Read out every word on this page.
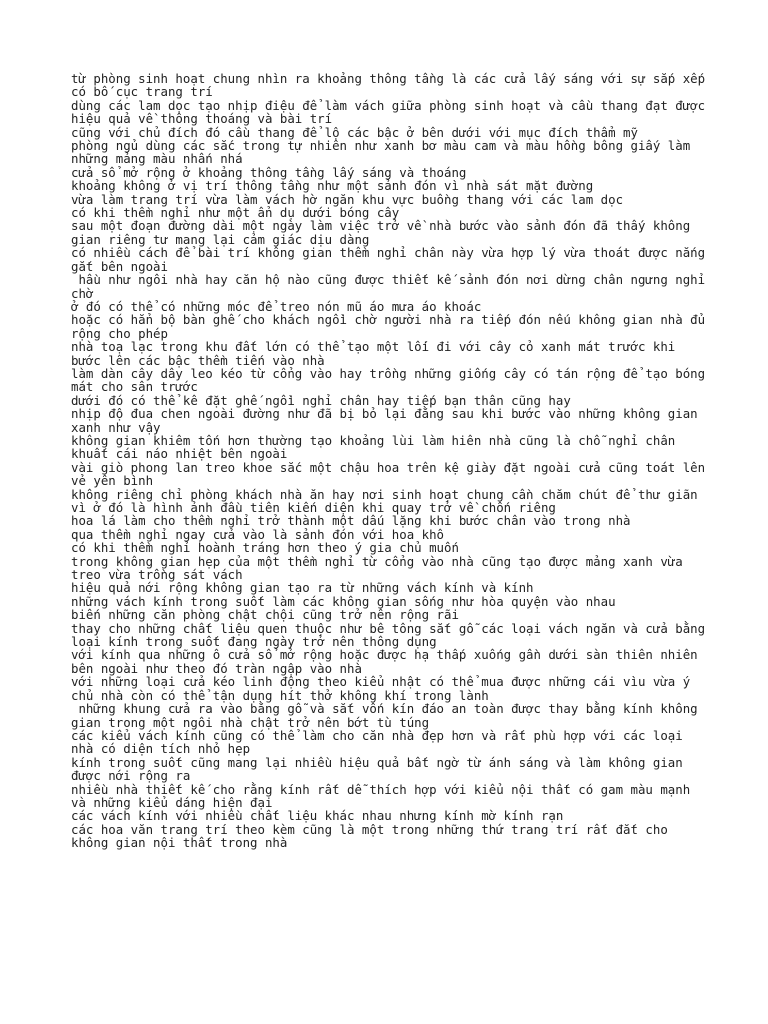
từ phòng sinh hoạt chung nhìn ra khoảng thông tầng là các cửa lấy sáng với sự sắp xếp có bố cục trang trí
dùng các lam dọc tạo nhịp điệu để làm vách giữa phòng sinh hoạt và cầu thang đạt được hiệu quả về thông thoáng và bài trí
cũng với chủ đích đó cầu thang để lộ các bậc ở bên dưới với mục đích thẩm mỹ
phòng ngủ dùng các sắc trong tự nhiên như xanh bơ màu cam và màu hồng bông giấy làm những mảng màu nhấn nhá
cửa sổ mở rộng ở khoảng thông tầng lấy sáng và thoáng
khoảng không ở vị trí thông tầng như một sảnh đón vì nhà sát mặt đường
vừa làm trang trí vừa làm vách hờ ngăn khu vực buồng thang với các lam dọc
có khi thềm nghỉ như một ẩn dụ dưới bóng cây
sau một đoạn đường dài một ngày làm việc trở về nhà bước vào sảnh đón đã thấy không gian riêng tư mang lại cảm giác dịu dàng
có nhiều cách để bài trí không gian thềm nghỉ chân này vừa hợp lý vừa thoát được nắng gắt bên ngoài
hầu như ngôi nhà hay căn hộ nào cũng được thiết kế sảnh đón nơi dừng chân ngưng nghỉ chờ
ở đó có thể có những móc để treo nón mũ áo mưa áo khoác
hoặc có hẳn bộ bàn ghế cho khách ngồi chờ người nhà ra tiếp đón nếu không gian nhà đủ rộng cho phép
nhà toạ lạc trong khu đất lớn có thể tạo một lối đi với cây cỏ xanh mát trước khi bước lên các bậc thềm tiến vào nhà
làm dàn cây dây leo kéo từ cổng vào hay trồng những giống cây có tán rộng để tạo bóng mát cho sân trước
dưới đó có thể kê đặt ghế ngồi nghỉ chân hay tiếp bạn thân cũng hay
nhịp độ đua chen ngoài đường như đã bị bỏ lại đằng sau khi bước vào những không gian xanh như vậy
không gian khiêm tốn hơn thường tạo khoảng lùi làm hiên nhà cũng là chỗ nghỉ chân khuất cái náo nhiệt bên ngoài
vài giò phong lan treo khoe sắc một chậu hoa trên kệ giày đặt ngoài cửa cũng toát lên vẻ yên bình
không riêng chỉ phòng khách nhà ăn hay nơi sinh hoạt chung cần chăm chút để thư giãn
vì ở đó là hình ảnh đầu tiên kiến diện khi quay trở về chốn riêng
hoa lá làm cho thềm nghỉ trở thành một dấu lặng khi bước chân vào trong nhà
qua thềm nghỉ ngay cửa vào là sảnh đón với hoa khô
có khi thềm nghỉ hoành tráng hơn theo ý gia chủ muốn
trong không gian hẹp của một thềm nghỉ từ cổng vào nhà cũng tạo được mảng xanh vừa treo vừa trồng sát vách
hiệu quả nới rộng không gian tạo ra từ những vách kính và kính
những vách kính trong suốt làm các không gian sống như hòa quyện vào nhau
biến những căn phòng chật chội cũng trở nên rộng rãi
thay cho những chất liệu quen thuộc như bê tông sắt gỗ các loại vách ngăn và cửa bằng loại kính trong suốt đang ngày trở nên thông dụng
với kính qua những ô cửa sổ mở rộng hoặc được hạ thấp xuống gần dưới sàn thiên nhiên bên ngoài như theo đó tràn ngập vào nhà
với những loại cửa kéo linh động theo kiểu nhật có thể mua được những cái vìu vừa ý chủ nhà còn có thể tận dụng hít thở không khí trong lành
những khung cửa ra vào bằng gỗ và sắt vốn kín đáo an toàn được thay bằng kính không gian trong một ngôi nhà chật trở nên bớt tù túng
các kiểu vách kính cũng có thể làm cho căn nhà đẹp hơn và rất phù hợp với các loại nhà có diện tích nhỏ hẹp
kính trong suốt cũng mang lại nhiều hiệu quả bất ngờ từ ánh sáng và làm không gian được nới rộng ra
nhiều nhà thiết kế cho rằng kính rất dễ thích hợp với kiểu nội thất có gam màu mạnh và những kiểu dáng hiện đại
các vách kính với nhiều chất liệu khác nhau nhưng kính mờ kính rạn
các hoa văn trang trí theo kèm cũng là một trong những thứ trang trí rất đắt cho không gian nội thất trong nhà
